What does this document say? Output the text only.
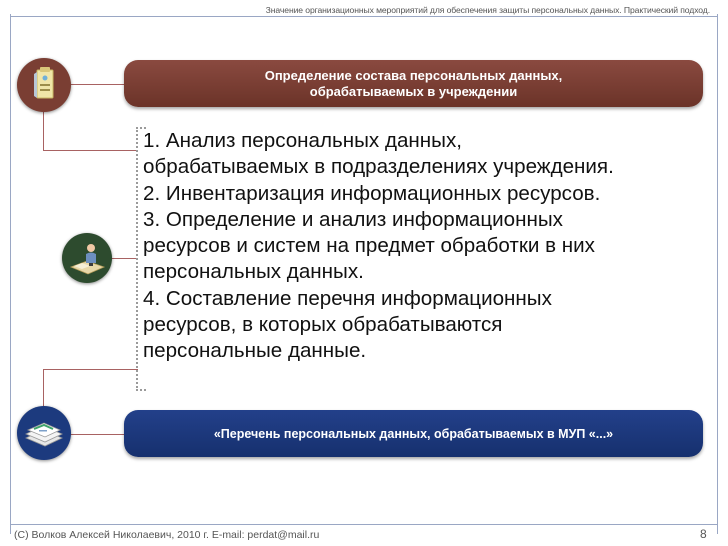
Значение организационных мероприятий для обеспечения защиты персональных данных. Практический подход.
Определение состава персональных данных,
обрабатываемых в учреждении
1. Анализ персональных данных,
обрабатываемых в подразделениях учреждения.
2. Инвентаризация информационных ресурсов.
3. Определение и анализ информационных
ресурсов и систем на предмет обработки в них
персональных данных.
4. Составление перечня информационных
ресурсов, в которых обрабатываются
персональные данные.
«Перечень персональных данных, обрабатываемых в МУП «...»
(С) Волков Алексей Николаевич, 2010 г. E-mail: perdat@mail.ru	8
